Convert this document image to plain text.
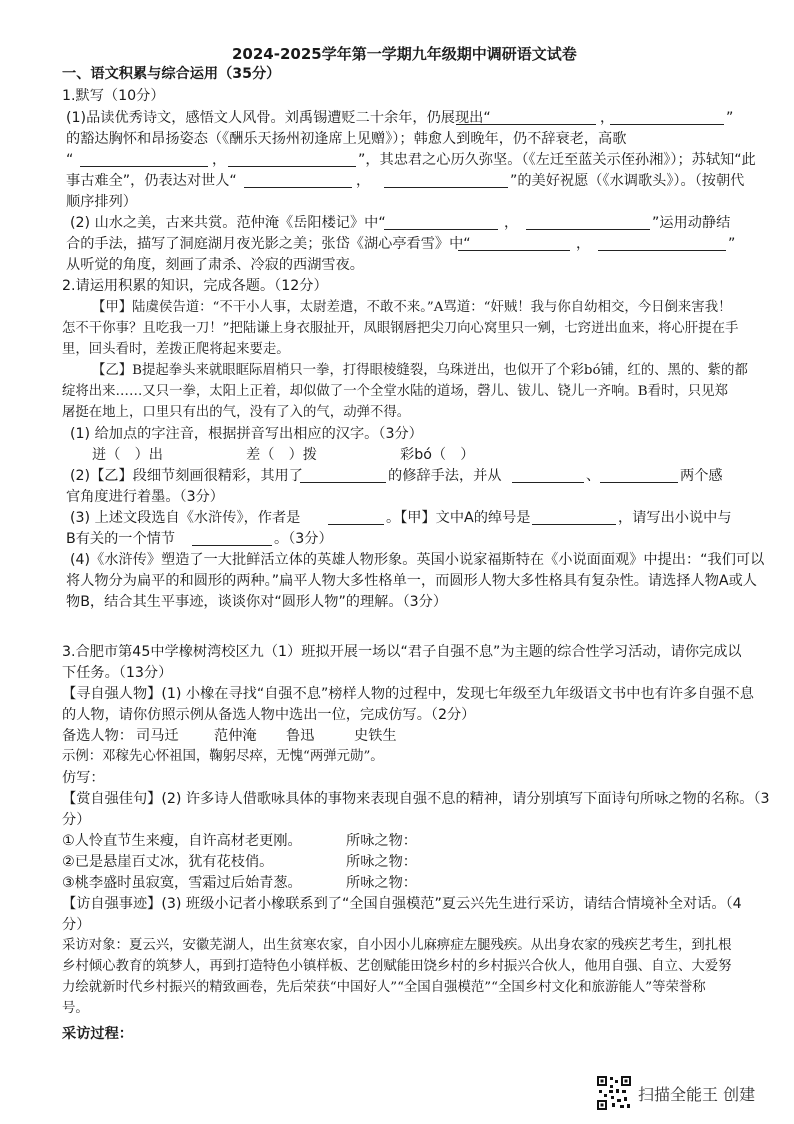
2024-2025学年第一学期九年级期中调研语文试卷
一、语文积累与综合运用（35分）
1.默写（10分）
(1)品读优秀诗文，感悟文人风骨。刘禹锡遭贬二十余年，仍展现出“	，	”
的豁达胸怀和昂扬姿态（《酬乐天扬州初逢席上见赠》）；韩愈人到晚年，仍不辞衰老，高歌
“	，	”，其忠君之心历久弥坚。（《左迁至蓝关示侄孙湘》）；苏轼知“此
事古难全”，仍表达对世人“	，	”的美好祝愿（《水调歌头》）。（按朝代
顺序排列）
(2) 山水之美，古来共赏。范仲淹《岳阳楼记》中“	，	”运用动静结
合的手法，描写了洞庭湖月夜光影之美；张岱《湖心亭看雪》中“	，	”
从听觉的角度，刻画了肃杀、冷寂的西湖雪夜。
2.请运用积累的知识，完成各题。（12分）
【甲】陆虞侯告道：“不干小人事，太尉差遣，不敢不来。”A骂道：“奸贼！我与你自幼相交，今日倒来害我！
怎不干你事？且吃我一刀！”把陆谦上身衣服扯开，凤眼钢唇把尖刀向心窝里只一剜，七窍迸出血来，将心肝提在手
里，回头看时，差拨正爬将起来要走。
【乙】B提起拳头来就眼眶际眉梢只一拳，打得眼棱缝裂，乌珠迸出，也似开了个彩bó铺，红的、黑的、紫的都
绽将出来……又只一拳，太阳上正着，却似做了一个全堂水陆的道场，磬儿、钹儿、铙儿一齐响。B看时，只见郑
屠挺在地上，口里只有出的气，没有了入的气，动弹不得。
(1) 给加点的字注音，根据拼音写出相应的汉字。（3分）
迸（　）出	差（　）拨	彩bó（　）
(2)【乙】段细节刻画很精彩，其用了	的修辞手法，并从	、	两个感
官角度进行着墨。（3分）
(3) 上述文段选自《水浒传》，作者是	。【甲】文中A的绰号是	，请写出小说中与
B有关的一个情节	。（3分）
(4)《水浒传》塑造了一大批鲜活立体的英雄人物形象。英国小说家福斯特在《小说面面观》中提出：“我们可以
将人物分为扁平的和圆形的两种。”扁平人物大多性格单一，而圆形人物大多性格具有复杂性。请选择人物A或人
物B，结合其生平事迹，谈谈你对“圆形人物”的理解。（3分）
3.合肥市第45中学橡树湾校区九（1）班拟开展一场以“君子自强不息”为主题的综合性学习活动，请你完成以
下任务。（13分）
【寻自强人物】(1) 小橡在寻找“自强不息”榜样人物的过程中，发现七年级至九年级语文书中也有许多自强不息
的人物，请你仿照示例从备选人物中选出一位，完成仿写。（2分）
备选人物： 司马迁 范仲淹 鲁迅	史铁生
示例：邓稼先心怀祖国，鞠躬尽瘁，无愧“两弹元勋”。
仿写：
【赏自强佳句】(2) 许多诗人借歌咏具体的事物来表现自强不息的精神，请分别填写下面诗句所咏之物的名称。（3
分）
①人怜直节生来瘦，自许高材老更刚。	所咏之物：
②已是悬崖百丈冰，犹有花枝俏。	所咏之物：
③桃李盛时虽寂寞，雪霜过后始青葱。	所咏之物：
【访自强事迹】(3) 班级小记者小橡联系到了“全国自强模范”夏云兴先生进行采访，请结合情境补全对话。（4
分）
采访对象：夏云兴，安徽芜湖人，出生贫寒农家，自小因小儿麻痹症左腿残疾。从出身农家的残疾艺考生，到扎根
乡村倾心教育的筑梦人，再到打造特色小镇样板、艺创赋能田饶乡村的乡村振兴合伙人，他用自强、自立、大爱努
力绘就新时代乡村振兴的精致画卷，先后荣获“中国好人”“全国自强模范”“全国乡村文化和旅游能人”等荣誉称
号。
采访过程：
扫描全能王 创建
